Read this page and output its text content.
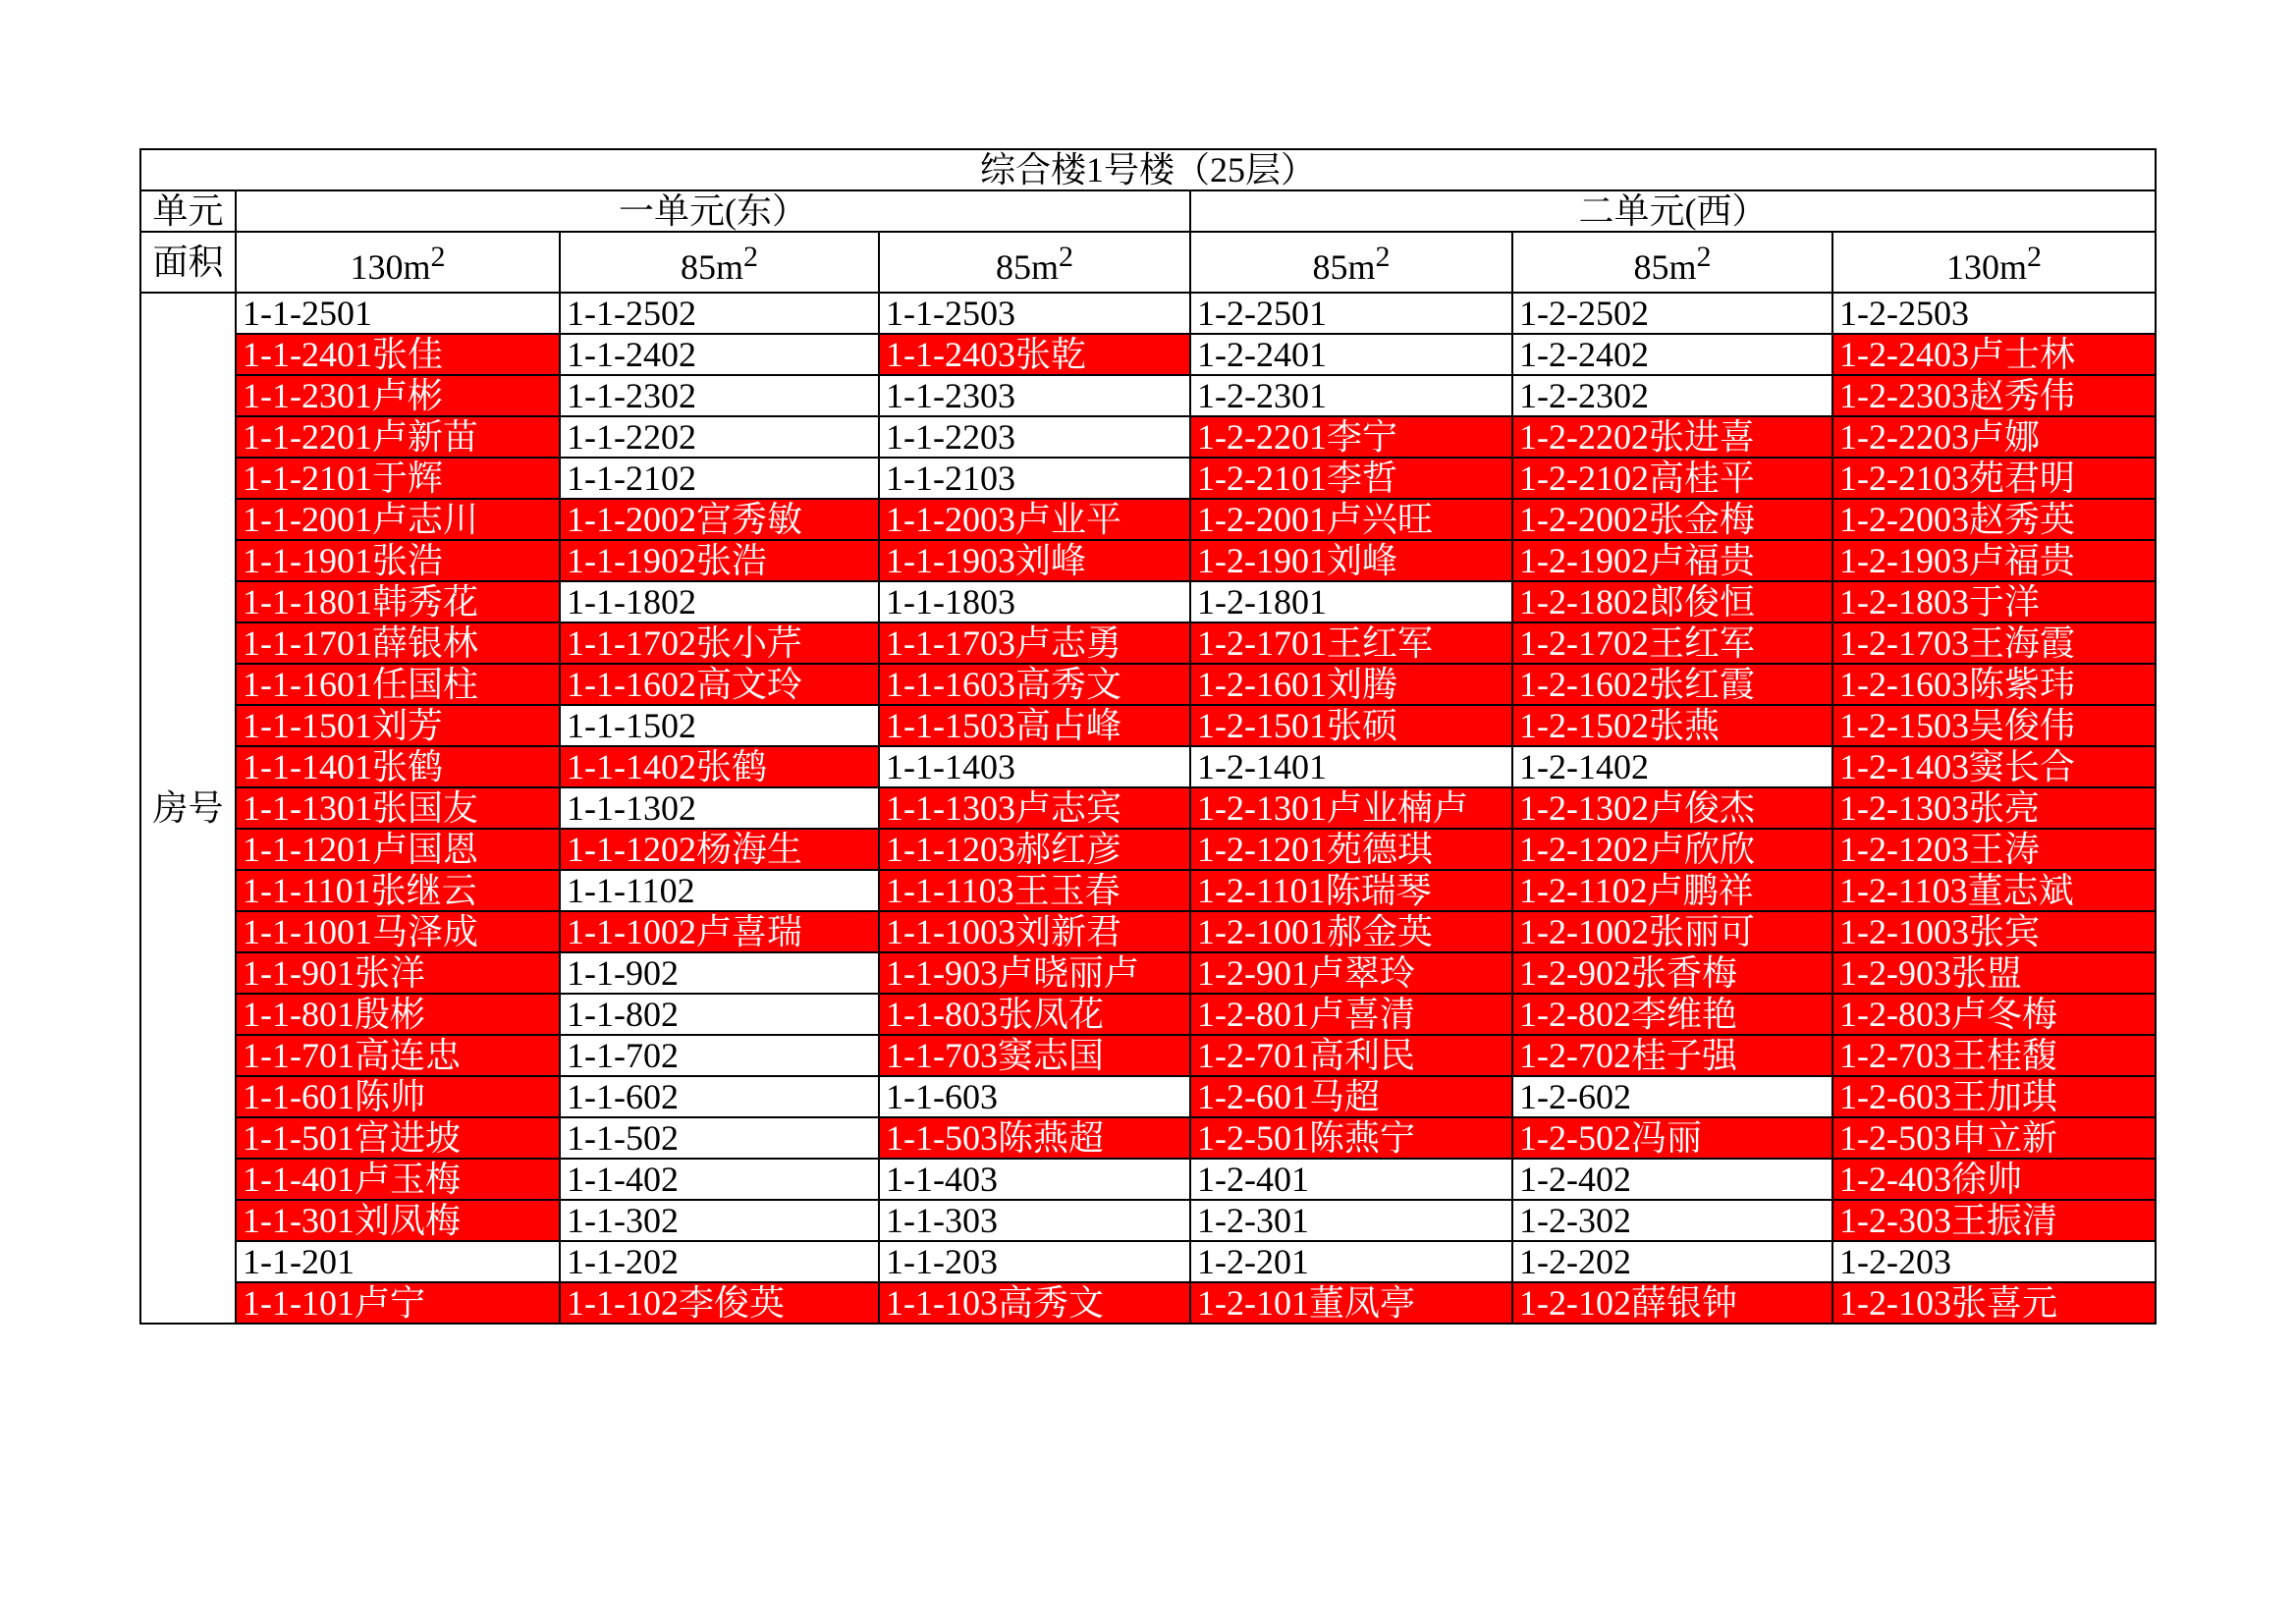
综合楼1号楼（25层）						
单元	一单元(东）			二单元(西）		
面积	$130m^2$	$85m^2$	$85m^2$	$85m^2$	$85m^2$	$130m^2$
房号	1-1-2501	1-1-2502	1-1-2503	1-2-2501	1-2-2502	1-2-2503
	1-1-2401张佳	1-1-2402	1-1-2403张乾	1-2-2401	1-2-2402	1-2-2403卢士林
	1-1-2301卢彬	1-1-2302	1-1-2303	1-2-2301	1-2-2302	1-2-2303赵秀伟
	1-1-2201卢新苗	1-1-2202	1-1-2203	1-2-2201李宁	1-2-2202张进喜	1-2-2203卢娜
	1-1-2101于辉	1-1-2102	1-1-2103	1-2-2101李哲	1-2-2102高桂平	1-2-2103苑君明
	1-1-2001卢志川	1-1-2002宫秀敏	1-1-2003卢业平	1-2-2001卢兴旺	1-2-2002张金梅	1-2-2003赵秀英
	1-1-1901张浩	1-1-1902张浩	1-1-1903刘峰	1-2-1901刘峰	1-2-1902卢福贵	1-2-1903卢福贵
	1-1-1801韩秀花	1-1-1802	1-1-1803	1-2-1801	1-2-1802郎俊恒	1-2-1803于洋
	1-1-1701薛银林	1-1-1702张小芹	1-1-1703卢志勇	1-2-1701王红军	1-2-1702王红军	1-2-1703王海霞
	1-1-1601任国柱	1-1-1602高文玲	1-1-1603高秀文	1-2-1601刘腾	1-2-1602张红霞	1-2-1603陈紫玮
	1-1-1501刘芳	1-1-1502	1-1-1503高占峰	1-2-1501张硕	1-2-1502张燕	1-2-1503吴俊伟
	1-1-1401张鹤	1-1-1402张鹤	1-1-1403	1-2-1401	1-2-1402	1-2-1403窦长合
	1-1-1301张国友	1-1-1302	1-1-1303卢志宾	1-2-1301卢业楠卢	1-2-1302卢俊杰	1-2-1303张亮
	1-1-1201卢国恩	1-1-1202杨海生	1-1-1203郝红彦	1-2-1201苑德琪	1-2-1202卢欣欣	1-2-1203王涛
	1-1-1101张继云	1-1-1102	1-1-1103王玉春	1-2-1101陈瑞琴	1-2-1102卢鹏祥	1-2-1103董志斌
	1-1-1001马泽成	1-1-1002卢喜瑞	1-1-1003刘新君	1-2-1001郝金英	1-2-1002张丽可	1-2-1003张宾
	1-1-901张洋	1-1-902	1-1-903卢晓丽卢	1-2-901卢翠玲	1-2-902张香梅	1-2-903张盟
	1-1-801殷彬	1-1-802	1-1-803张凤花	1-2-801卢喜清	1-2-802李维艳	1-2-803卢冬梅
	1-1-701高连忠	1-1-702	1-1-703窦志国	1-2-701高利民	1-2-702桂子强	1-2-703王桂馥
	1-1-601陈帅	1-1-602	1-1-603	1-2-601马超	1-2-602	1-2-603王加琪
	1-1-501宫进坡	1-1-502	1-1-503陈燕超	1-2-501陈燕宁	1-2-502冯丽	1-2-503申立新
	1-1-401卢玉梅	1-1-402	1-1-403	1-2-401	1-2-402	1-2-403徐帅
	1-1-301刘凤梅	1-1-302	1-1-303	1-2-301	1-2-302	1-2-303王振清
	1-1-201	1-1-202	1-1-203	1-2-201	1-2-202	1-2-203
	1-1-101卢宁	1-1-102李俊英	1-1-103高秀文	1-2-101董凤亭	1-2-102薛银钟	1-2-103张喜元
